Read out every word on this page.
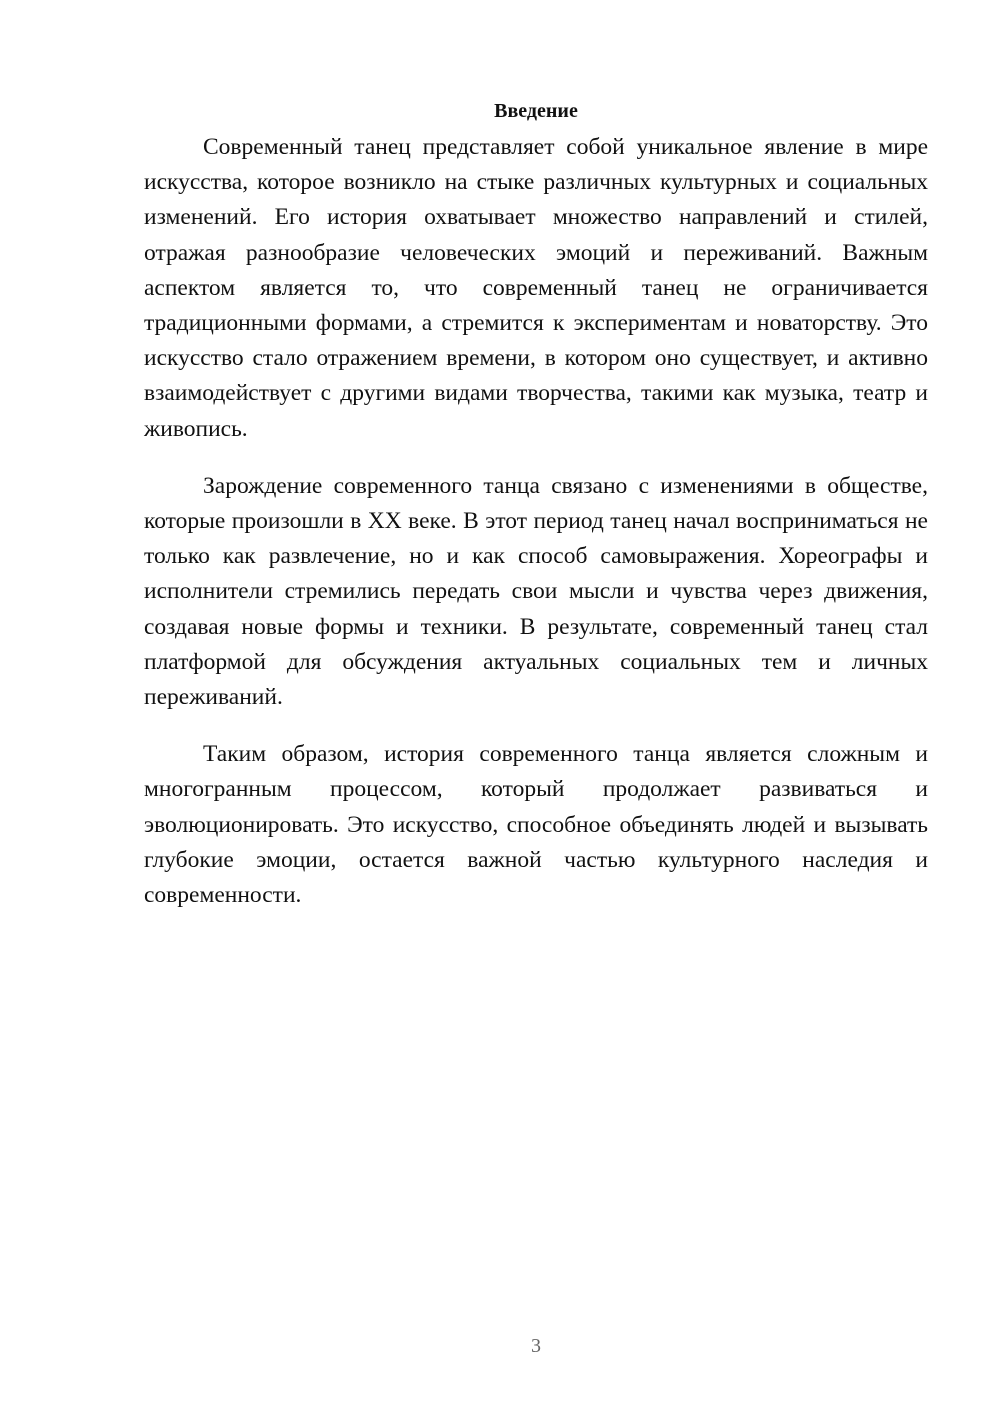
Введение

Современный танец представляет собой уникальное явление в мире искусства, которое возникло на стыке различных культурных и социальных изменений. Его история охватывает множество направлений и стилей, отражая разнообразие человеческих эмоций и переживаний. Важным аспектом является то, что современный танец не ограничивается традиционными формами, а стремится к экспериментам и новаторству. Это искусство стало отражением времени, в котором оно существует, и активно взаимодействует с другими видами творчества, такими как музыка, театр и живопись.

Зарождение современного танца связано с изменениями в обществе, которые произошли в XX веке. В этот период танец начал восприниматься не только как развлечение, но и как способ самовыражения. Хореографы и исполнители стремились передать свои мысли и чувства через движения, создавая новые формы и техники. В результате, современный танец стал платформой для обсуждения актуальных социальных тем и личных переживаний.

Таким образом, история современного танца является сложным и многогранным процессом, который продолжает развиваться и эволюционировать. Это искусство, способное объединять людей и вызывать глубокие эмоции, остается важной частью культурного наследия и современности.

3
